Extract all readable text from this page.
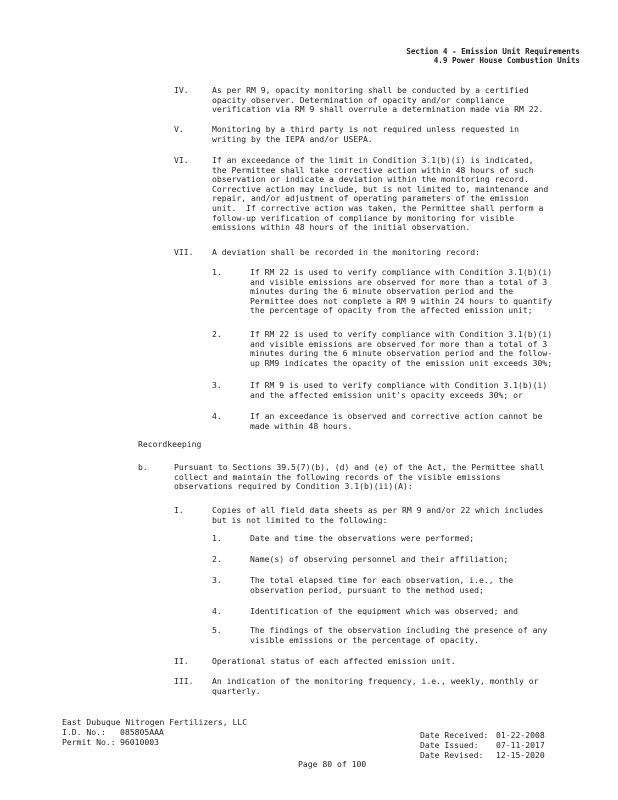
Section 4 - Emission Unit Requirements
4.9 Power House Combustion Units
IV.	As per RM 9, opacity monitoring shall be conducted by a certified
opacity observer. Determination of opacity and/or compliance
verification via RM 9 shall overrule a determination made via RM 22.
V.	Monitoring by a third party is not required unless requested in
writing by the IEPA and/or USEPA.
VI.	If an exceedance of the limit in Condition 3.1(b)(i) is indicated,
the Permittee shall take corrective action within 48 hours of such
observation or indicate a deviation within the monitoring record.
Corrective action may include, but is not limited to, maintenance and
repair, and/or adjustment of operating parameters of the emission
unit.  If corrective action was taken, the Permittee shall perform a
follow-up verification of compliance by monitoring for visible
emissions within 48 hours of the initial observation.
VII. A deviation shall be recorded in the monitoring record:
1.	If RM 22 is used to verify compliance with Condition 3.1(b)(i)
and visible emissions are observed for more than a total of 3
minutes during the 6 minute observation period and the
Permittee does not complete a RM 9 within 24 hours to quantify
the percentage of opacity from the affected emission unit;
2.	If RM 22 is used to verify compliance with Condition 3.1(b)(i)
and visible emissions are observed for more than a total of 3
minutes during the 6 minute observation period and the follow-
up RM9 indicates the opacity of the emission unit exceeds 30%;
3.	If RM 9 is used to verify compliance with Condition 3.1(b)(i)
and the affected emission unit's opacity exceeds 30%; or
4.	If an exceedance is observed and corrective action cannot be
made within 48 hours.
Recordkeeping
b.	Pursuant to Sections 39.5(7)(b), (d) and (e) of the Act, the Permittee shall
collect and maintain the following records of the visible emissions
observations required by Condition 3.1(b)(ii)(A):
I.	Copies of all field data sheets as per RM 9 and/or 22 which includes
but is not limited to the following:
1.	Date and time the observations were performed;
2.	Name(s) of observing personnel and their affiliation;
3.	The total elapsed time for each observation, i.e., the
observation period, pursuant to the method used;
4.	Identification of the equipment which was observed; and
5.	The findings of the observation including the presence of any
visible emissions or the percentage of opacity.
II.	Operational status of each affected emission unit.
III. An indication of the monitoring frequency, i.e., weekly, monthly or
quarterly.
East Dubuque Nitrogen Fertilizers, LLC
I.D. No.: 085805AAA
Permit No.: 96010003
Date Received: 01-22-2008
Date Issued: 07-11-2017
Date Revised: 12-15-2020
Page 80 of 100
